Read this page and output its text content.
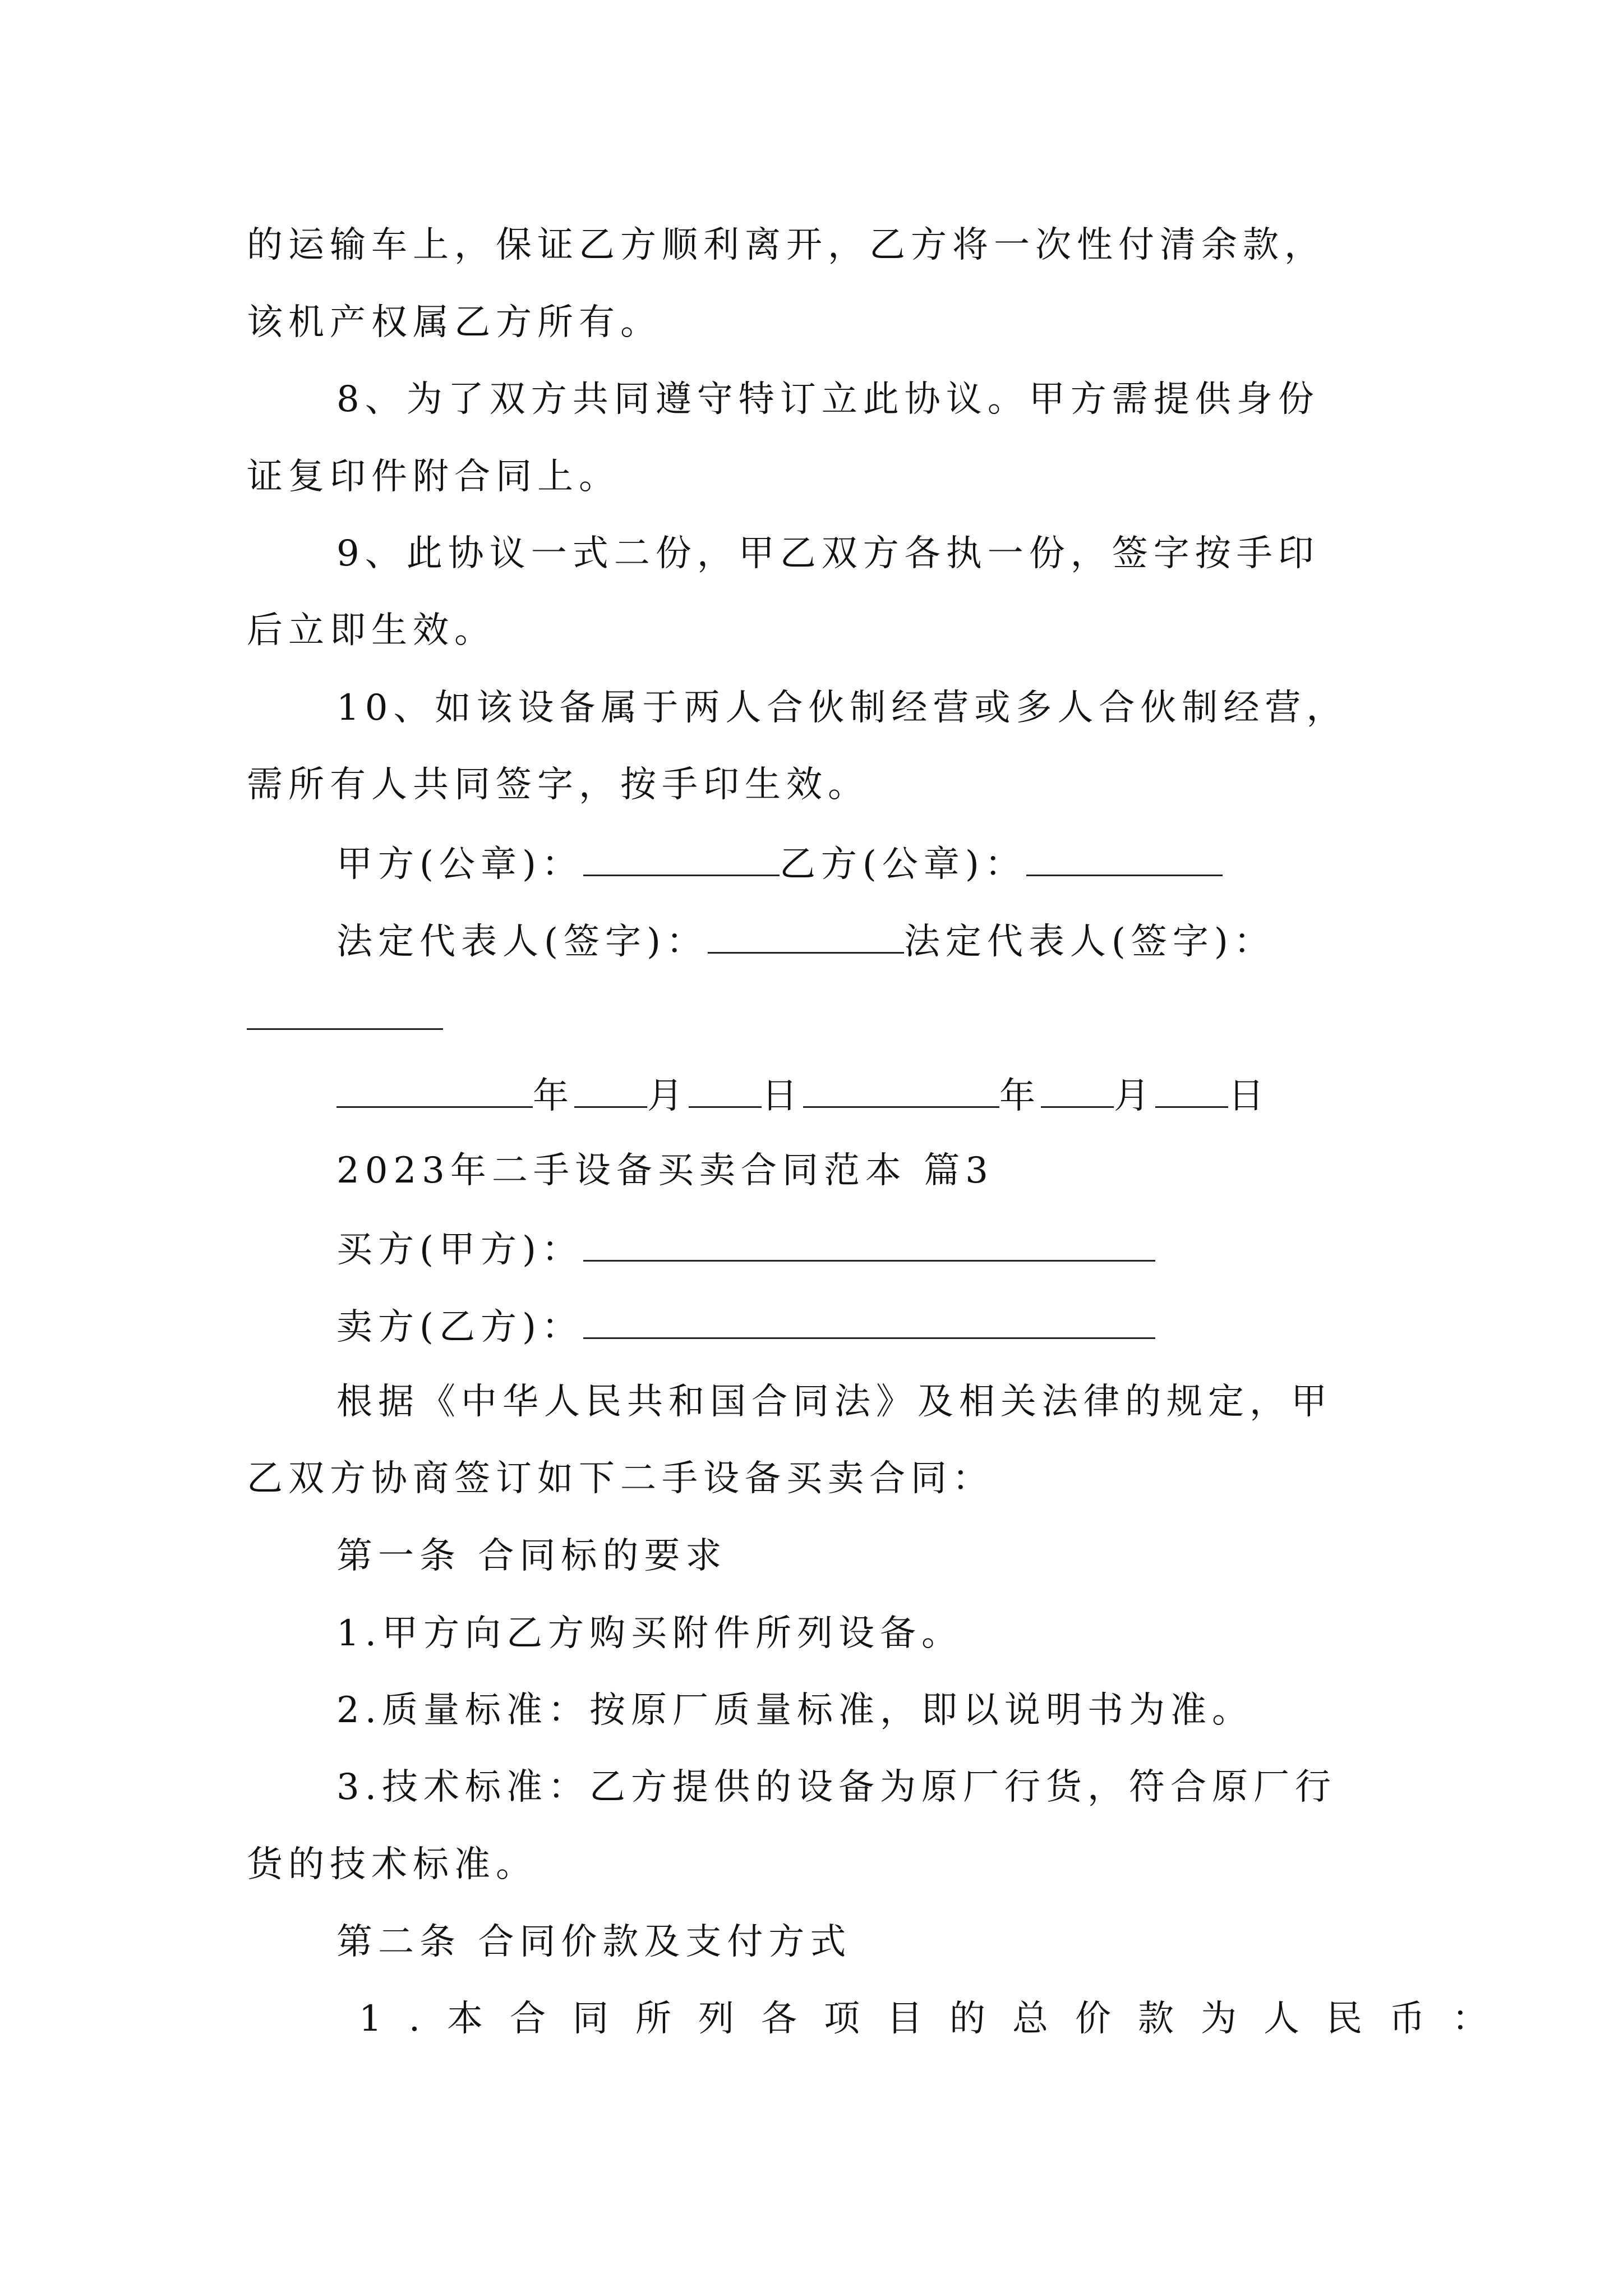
的运输车上，保证乙方顺利离开，乙方将一次性付清余款，
该机产权属乙方所有。
8、为了双方共同遵守特订立此协议。甲方需提供身份
证复印件附合同上。
9、此协议一式二份，甲乙双方各执一份，签字按手印
后立即生效。
10、如该设备属于两人合伙制经营或多人合伙制经营，
需所有人共同签字，按手印生效。
甲方(公章)：	乙方(公章)：
法定代表人(签字)：	法定代表人(签字)：
年 月 日	年 月 日
2023年二手设备买卖合同范本 篇3
买方(甲方)：
卖方(乙方)：
根据《中华人民共和国合同法》及相关法律的规定，甲
乙双方协商签订如下二手设备买卖合同：
第一条 合同标的要求
1.甲方向乙方购买附件所列设备。
2.质量标准：按原厂质量标准，即以说明书为准。
3.技术标准：乙方提供的设备为原厂行货，符合原厂行
货的技术标准。
第二条 合同价款及支付方式
1.本合同所列各项目的总价款为人民币：
